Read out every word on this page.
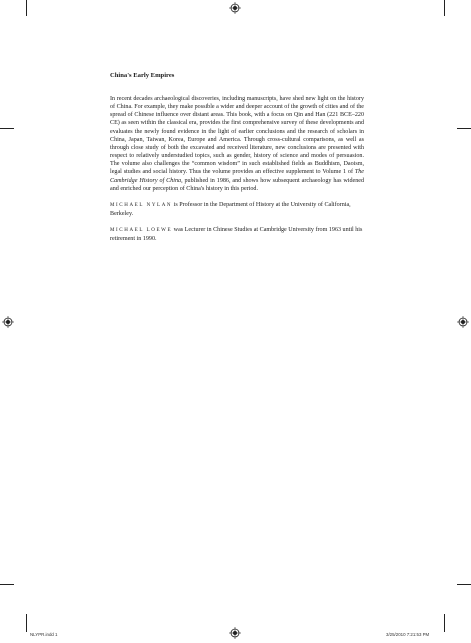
China's Early Empires

In recent decades archaeological discoveries, including manuscripts, have shed new light on the history of China. For example, they make possible a wider and deeper account of the growth of cities and of the spread of Chinese influence over distant areas. This book, with a focus on Qin and Han (221 BCE–220 CE) as seen within the classical era, provides the first comprehensive survey of these developments and evaluates the newly found evidence in the light of earlier conclusions and the research of scholars in China, Japan, Taiwan, Korea, Europe and America. Through cross-cultural comparisons, as well as through close study of both the excavated and received literature, new conclusions are presented with respect to relatively understudied topics, such as gender, history of science and modes of persuasion. The volume also challenges the “common wisdom” in such established fields as Buddhism, Daoism, legal studies and social history. Thus the volume provides an effective supplement to Volume 1 of The Cambridge History of China, published in 1986, and shows how subsequent archaeology has widened and enriched our perception of China's history in this period.

MICHAEL NYLAN is Professor in the Department of History at the University of California, Berkeley.

MICHAEL LOEWE was Lecturer in Chinese Studies at Cambridge University from 1963 until his retirement in 1990.

NLYPR.indd 1	3/25/2010 7:21:53 PM
